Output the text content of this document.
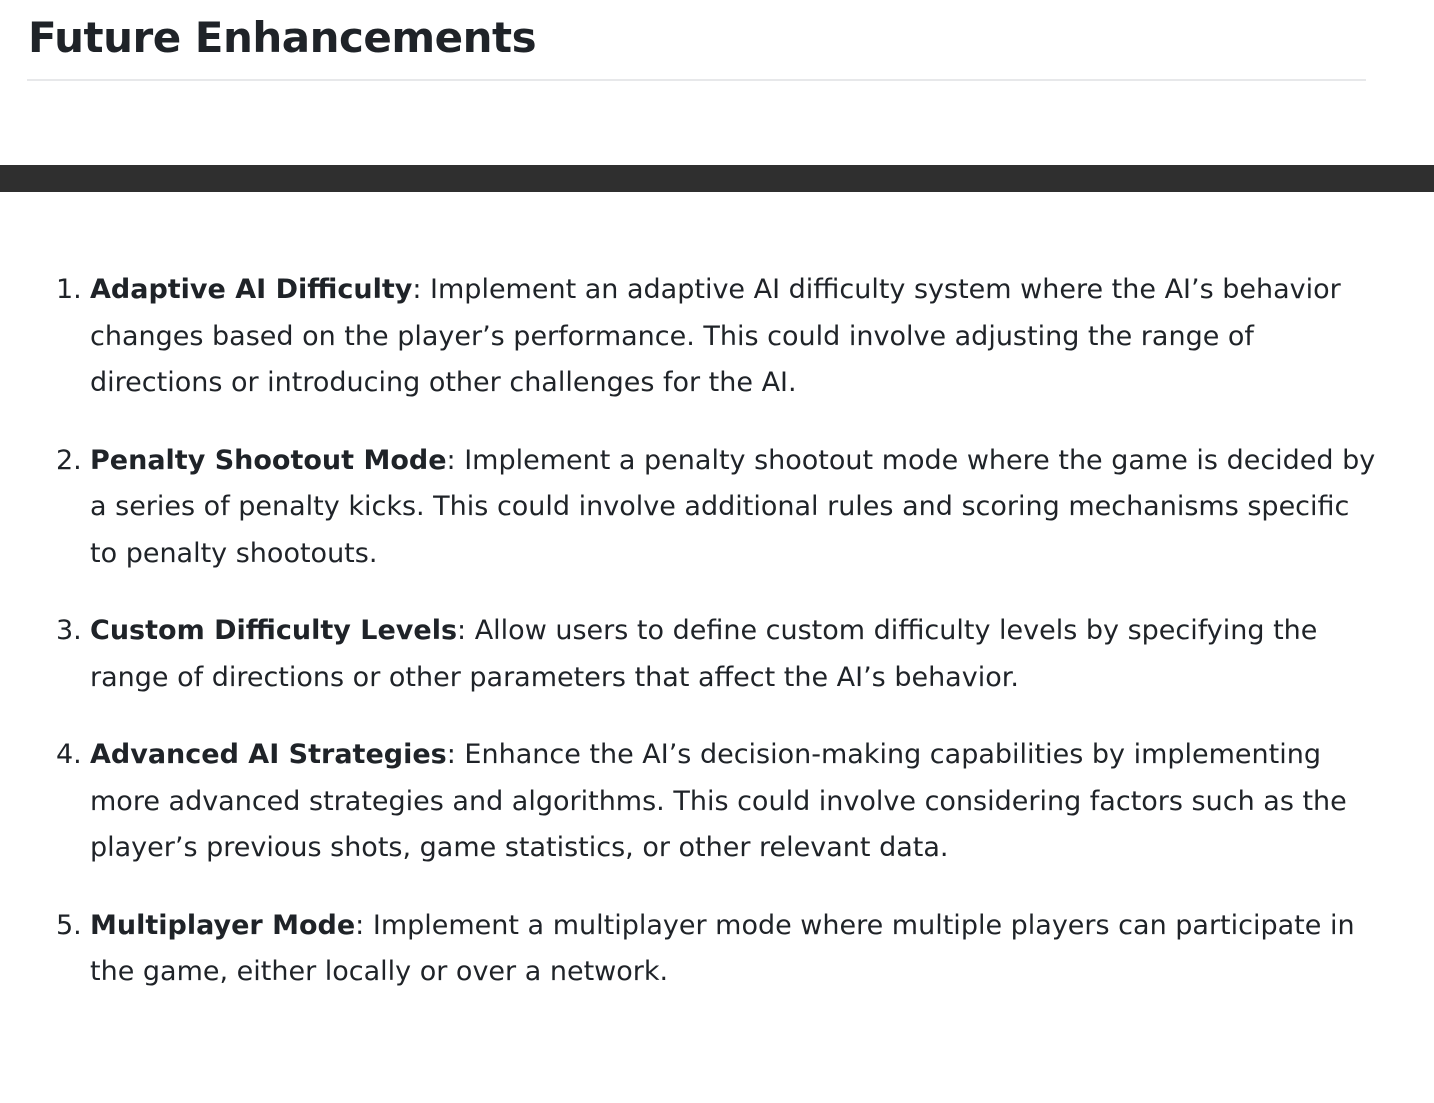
Future Enhancements
1. Adaptive AI Difficulty: Implement an adaptive AI difficulty system where the AI’s behavior changes based on the player’s performance. This could involve adjusting the range of directions or introducing other challenges for the AI.
2. Penalty Shootout Mode: Implement a penalty shootout mode where the game is decided by a series of penalty kicks. This could involve additional rules and scoring mechanisms specific to penalty shootouts.
3. Custom Difficulty Levels: Allow users to define custom difficulty levels by specifying the range of directions or other parameters that affect the AI’s behavior.
4. Advanced AI Strategies: Enhance the AI’s decision-making capabilities by implementing more advanced strategies and algorithms. This could involve considering factors such as the player’s previous shots, game statistics, or other relevant data.
5. Multiplayer Mode: Implement a multiplayer mode where multiple players can participate in the game, either locally or over a network.
